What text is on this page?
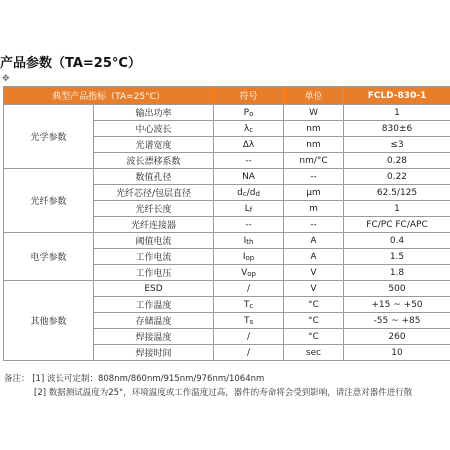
产品参数（TA=25°C）
✥
典型产品指标（TA=25°C）		符号	单位	FCLD-830-1
光学参数	输出功率	Po	W	1
	中心波长	λc	nm	830±6
	光谱宽度	Δλ	nm	≤3
	波长漂移系数	--	nm/°C	0.28
光纤参数	数值孔径	NA	--	0.22
	光纤芯径/包层直径	dc/dd	μm	62.5/125
	光纤长度	Lf	m	1
	光纤连接器	--	--	FC/PC FC/APC
电学参数	阈值电流	Ith	A	0.4
	工作电流	Iop	A	1.5
	工作电压	Vop	V	1.8
其他参数	ESD	/	V	500
	工作温度	Tc	°C	+15 ~ +50
	存储温度	Ts	°C	-55 ~ +85
	焊接温度	/	°C	260
	焊接时间	/	sec	10
备注： [1] 波长可定制：808nm/860nm/915nm/976nm/1064nm
[2] 数据测试温度为25°，环境温度或工作温度过高，器件的寿命将会受到影响，请注意对器件进行散
